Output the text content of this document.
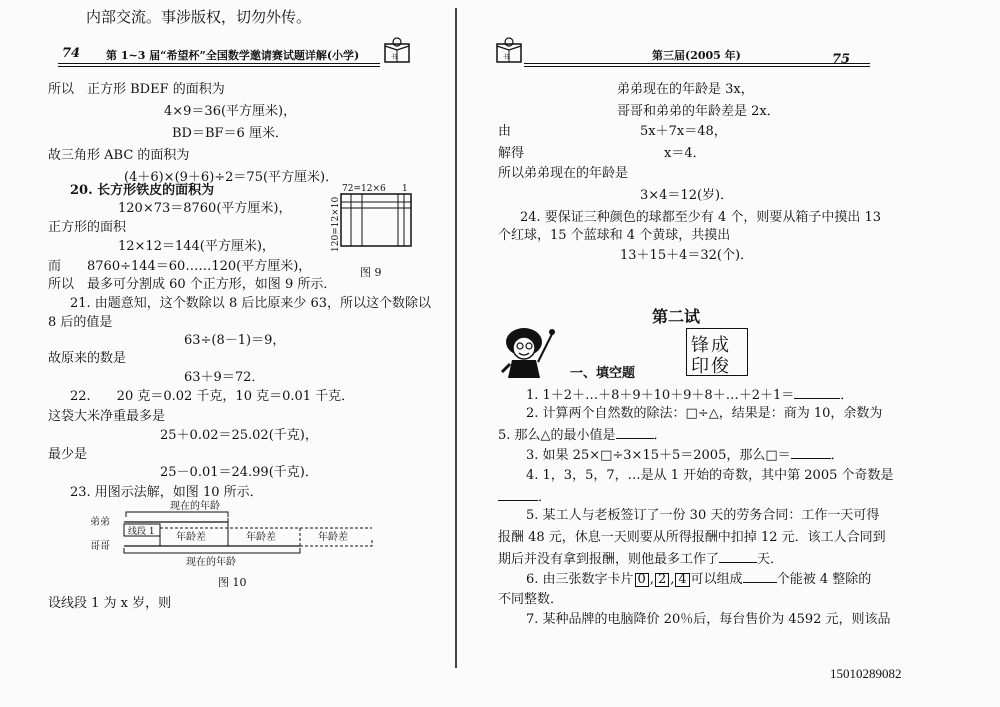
内部交流。事涉版权，切勿外传。
74 第 1~3 届“希望杯”全国数学邀请赛试题详解(小学)	书
所以　正方形 BDEF 的面积为
4×9＝36(平方厘米)，
BD＝BF＝6 厘米．
故三角形 ABC 的面积为
(4＋6)×(9＋6)÷2＝75(平方厘米)．
20. 长方形铁皮的面积为
120×73＝8760(平方厘米)，
正方形的面积
12×12＝144(平方厘米)，
而　　8760÷144＝60……120(平方厘米)，
所以　最多可分割成 60 个正方形，如图 9 所示．
21. 由题意知，这个数除以 8 后比原来少 63，所以这个数除以
8 后的值是
63÷(8－1)＝9，
故原来的数是
63＋9＝72．
22.　　20 克＝0.02 千克，10 克＝0.01 千克．
这袋大米净重最多是
25＋0.02＝25.02(千克)，
最少是
25－0.01＝24.99(千克)．
23. 用图示法解，如图 10 所示．
设线段 1 为 x 岁，则
72=12×6 1
120=12×10
图 9
现在的年龄
弟弟
线段 1 年龄差	年龄差	年龄差
哥哥
现在的年龄
图 10
书	第三届(2005 年)	75
弟弟现在的年龄是 3x，
哥哥和弟弟的年龄差是 2x．
由	5x＋7x＝48，
解得	x＝4．
所以弟弟现在的年龄是
3×4＝12(岁)．
24. 要保证三种颜色的球都至少有 4 个，则要从箱子中摸出 13
个红球，15 个蓝球和 4 个黄球，共摸出
13＋15＋4＝32(个)．
第二试
锋成
印俊
一、填空题
1. 1＋2＋…＋8＋9＋10＋9＋8＋…＋2＋1＝	．
2. 计算两个自然数的除法：□÷△，结果是：商为 10，余数为
5. 那么△的最小值是	．
3. 如果 25×□÷3×15＋5＝2005，那么□＝	．
4. 1，3，5，7，…是从 1 开始的奇数，其中第 2005 个奇数是
．
5. 某工人与老板签订了一份 30 天的劳务合同：工作一天可得
报酬 48 元，休息一天则要从所得报酬中扣掉 12 元．该工人合同到
期后并没有拿到报酬，则他最多工作了	天．
6. 由三张数字卡片 0 , 2 , 4 可以组成	个能被 4 整除的
不同整数．
7. 某种品牌的电脑降价 20％后，每台售价为 4592 元，则该品
15010289082
